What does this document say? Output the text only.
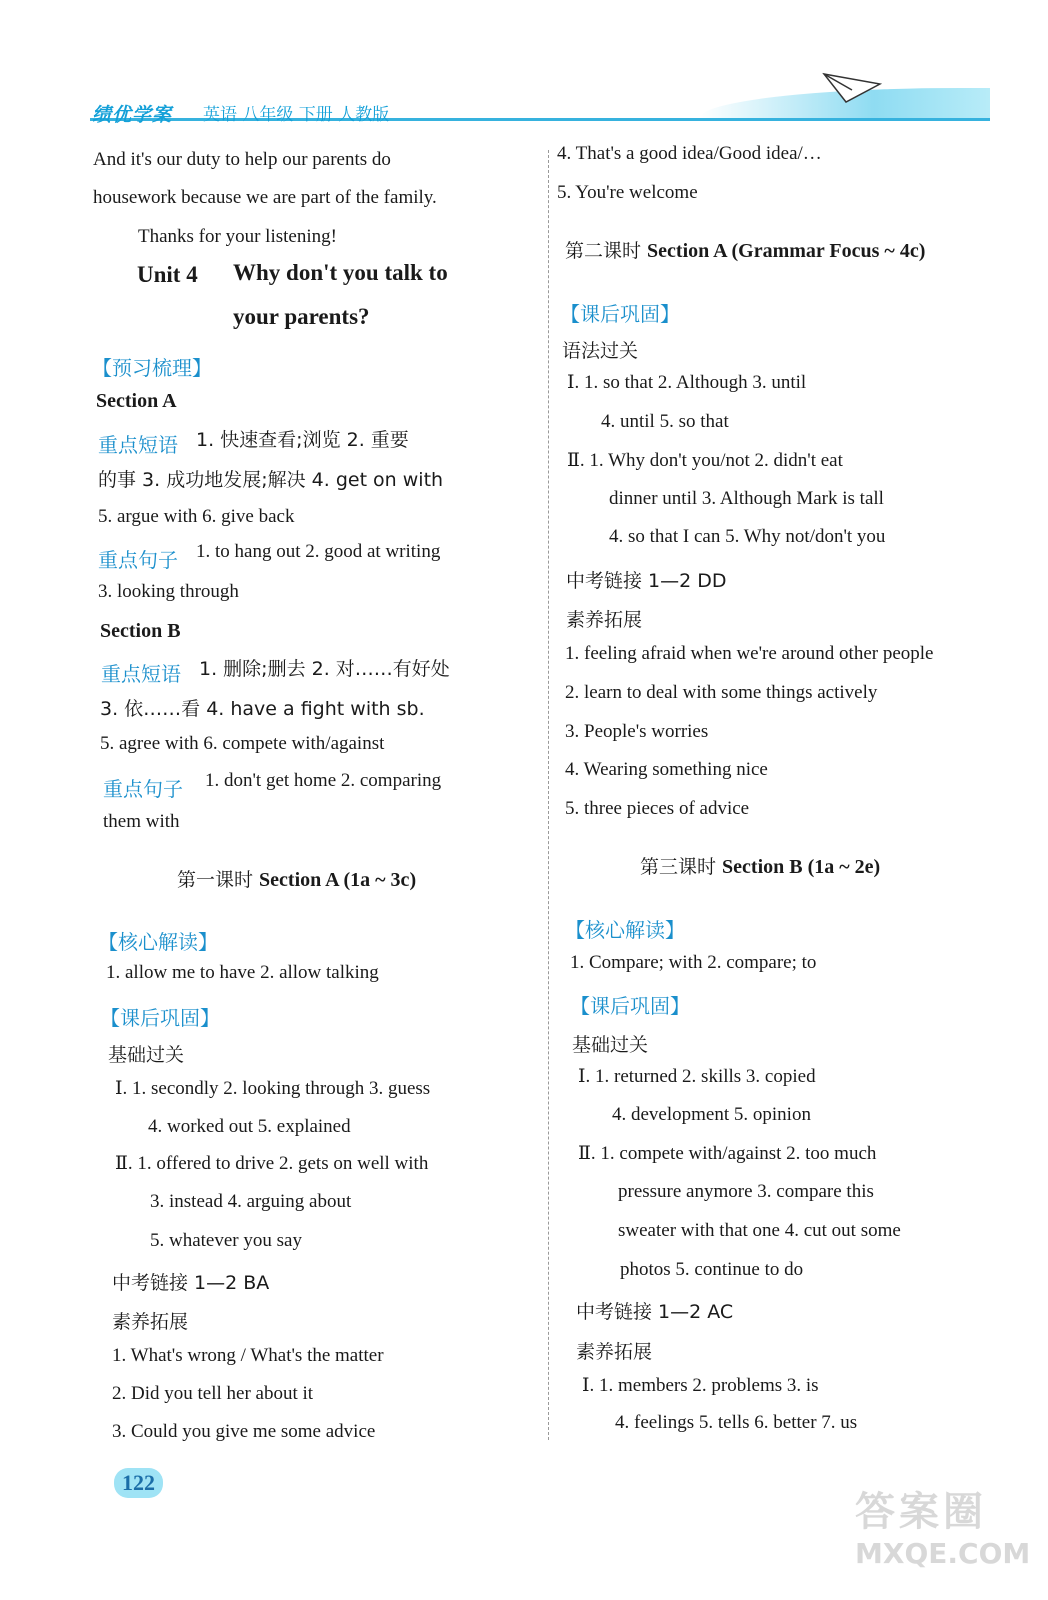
绩优学案 英语 八年级 下册 人教版
And it's our duty to help our parents do
housework because we are part of the family.
Thanks for your listening!
Unit 4 Why don't you talk to
your parents?
【预习梳理】
Section A
重点短语 1. 快速查看;浏览 2. 重要
的事 3. 成功地发展;解决 4. get on with
5. argue with 6. give back
重点句子 1. to hang out 2. good at writing
3. looking through
Section B
重点短语 1. 删除;删去 2. 对……有好处
3. 依……看 4. have a fight with sb.
5. agree with 6. compete with/against
重点句子 1. don't get home 2. comparing
them with
第一课时 Section A (1a ~ 3c)
【核心解读】
1. allow me to have 2. allow talking
【课后巩固】
基础过关
Ⅰ. 1. secondly 2. looking through 3. guess
4. worked out 5. explained
Ⅱ. 1. offered to drive 2. gets on well with
3. instead 4. arguing about
5. whatever you say
中考链接 1—2 BA
素养拓展
1. What's wrong / What's the matter
2. Did you tell her about it
3. Could you give me some advice
4. That's a good idea/Good idea/…
5. You're welcome
第二课时 Section A (Grammar Focus ~ 4c)
【课后巩固】
语法过关
Ⅰ. 1. so that 2. Although 3. until
4. until 5. so that
Ⅱ. 1. Why don't you/not 2. didn't eat
dinner until 3. Although Mark is tall
4. so that I can 5. Why not/don't you
中考链接 1—2 DD
素养拓展
1. feeling afraid when we're around other people
2. learn to deal with some things actively
3. People's worries
4. Wearing something nice
5. three pieces of advice
第三课时 Section B (1a ~ 2e)
【核心解读】
1. Compare; with 2. compare; to
【课后巩固】
基础过关
Ⅰ. 1. returned 2. skills 3. copied
4. development 5. opinion
Ⅱ. 1. compete with/against 2. too much
pressure anymore 3. compare this
sweater with that one 4. cut out some
photos 5. continue to do
中考链接 1—2 AC
素养拓展
Ⅰ. 1. members 2. problems 3. is
4. feelings 5. tells 6. better 7. us
122
答案圈
MXQE.COM
